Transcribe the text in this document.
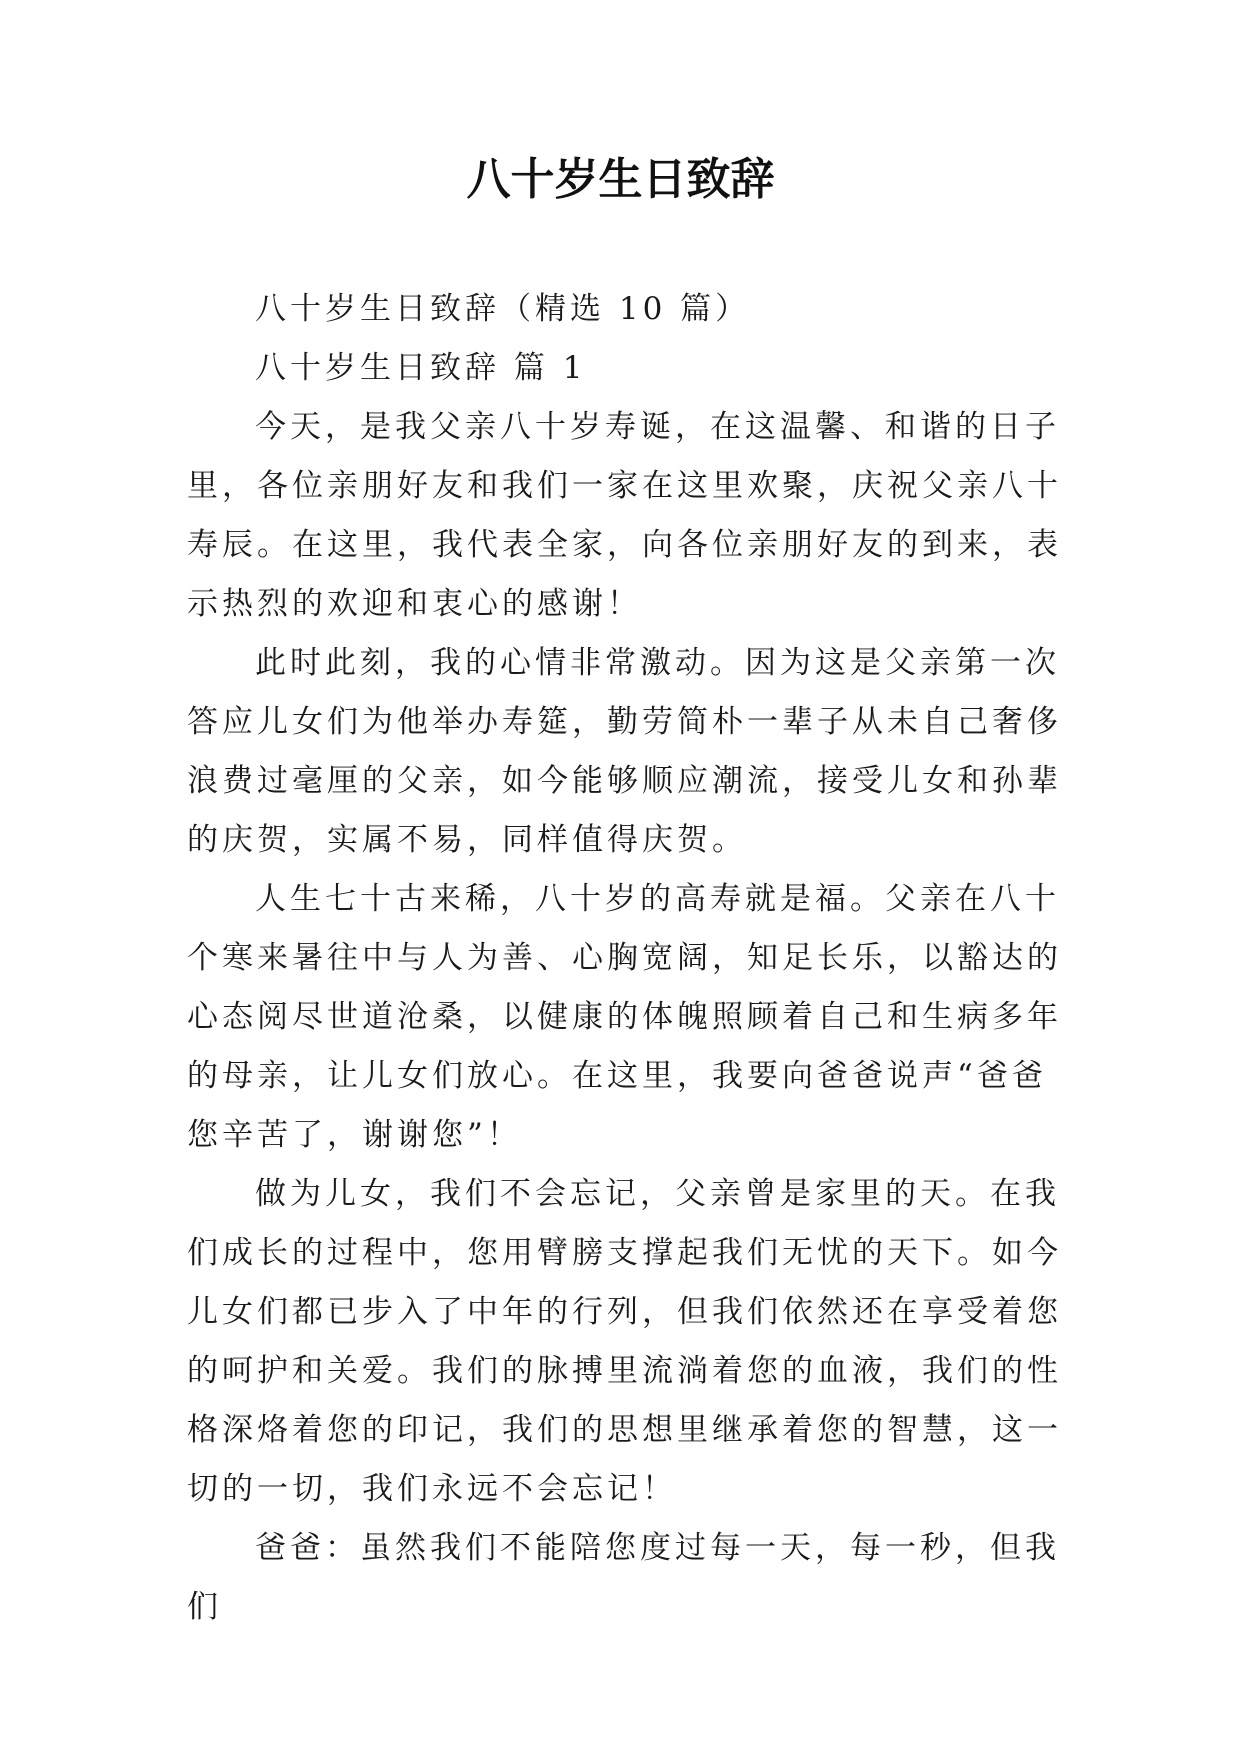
八十岁生日致辞

八十岁生日致辞（精选 10 篇）

八十岁生日致辞 篇 1

今天，是我父亲八十岁寿诞，在这温馨、和谐的日子里，各位亲朋好友和我们一家在这里欢聚，庆祝父亲八十寿辰。在这里，我代表全家，向各位亲朋好友的到来，表示热烈的欢迎和衷心的感谢！

此时此刻，我的心情非常激动。因为这是父亲第一次答应儿女们为他举办寿筵，勤劳简朴一辈子从未自己奢侈浪费过毫厘的父亲，如今能够顺应潮流，接受儿女和孙辈的庆贺，实属不易，同样值得庆贺。

人生七十古来稀，八十岁的高寿就是福。父亲在八十个寒来暑往中与人为善、心胸宽阔，知足长乐，以豁达的心态阅尽世道沧桑，以健康的体魄照顾着自己和生病多年的母亲，让儿女们放心。在这里，我要向爸爸说声“爸爸您辛苦了，谢谢您”！

做为儿女，我们不会忘记，父亲曾是家里的天。在我们成长的过程中，您用臂膀支撑起我们无忧的天下。如今儿女们都已步入了中年的行列，但我们依然还在享受着您的呵护和关爱。我们的脉搏里流淌着您的血液，我们的性格深烙着您的印记，我们的思想里继承着您的智慧，这一切的一切，我们永远不会忘记！

爸爸：虽然我们不能陪您度过每一天，每一秒，但我们
